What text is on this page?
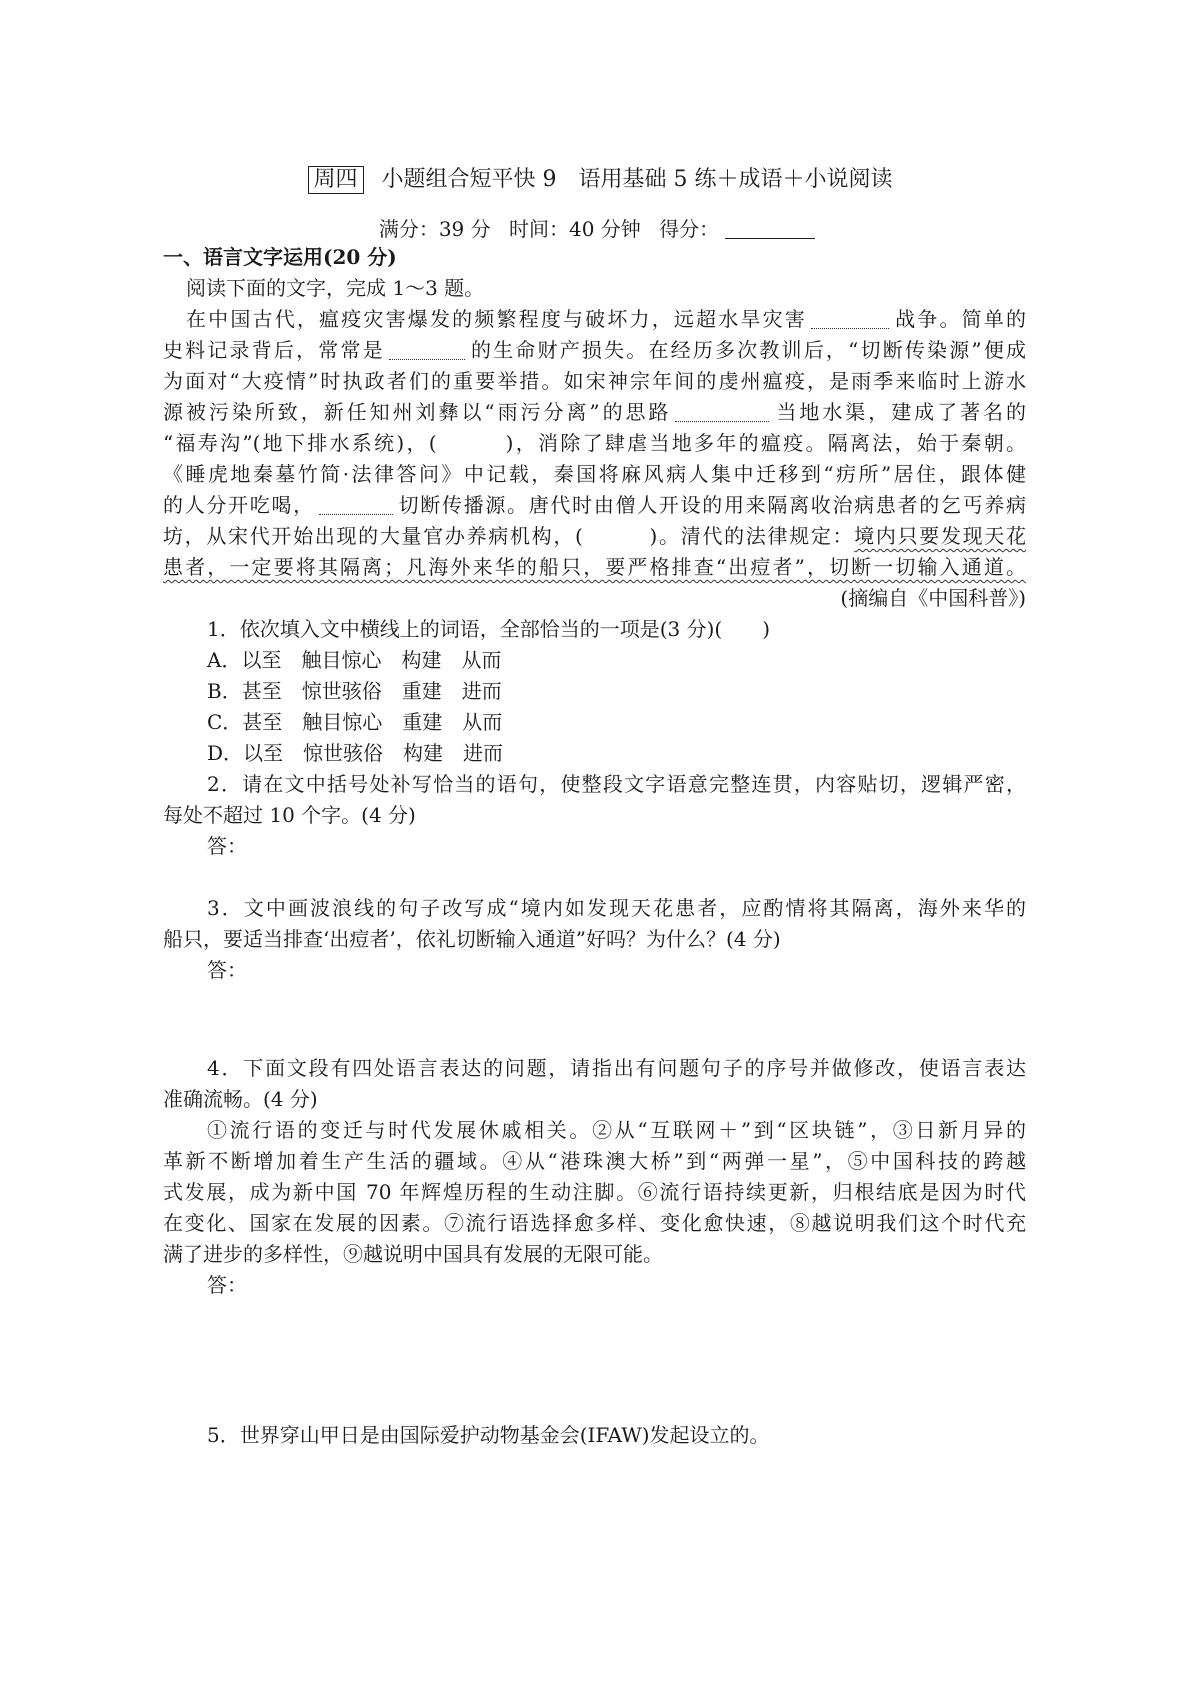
周四 小题组合短平快 9　语用基础 5 练＋成语＋小说阅读
满分：39 分 时间：40 分钟 得分：
一、语言文字运用(20 分)
阅读下面的文字，完成 1～3 题。
在中国古代，瘟疫灾害爆发的频繁程度与破坏力，远超水旱灾害	战争。简单的
史料记录背后，常常是	的生命财产损失。在经历多次教训后，“切断传染源”便成
为面对“大疫情”时执政者们的重要举措。如宋神宗年间的虔州瘟疫，是雨季来临时上游水
源被污染所致，新任知州刘彝以“雨污分离”的思路	当地水渠，建成了著名的
“福寿沟”(地下排水系统)，(　　　)，消除了肆虐当地多年的瘟疫。隔离法，始于秦朝。
《睡虎地秦墓竹简·法律答问》中记载，秦国将麻风病人集中迁移到“疠所”居住，跟体健
的人分开吃喝，	切断传播源。唐代时由僧人开设的用来隔离收治病患者的乞丐养病
坊，从宋代开始出现的大量官办养病机构，(　　　)。清代的法律规定：境内只要发现天花
患者，一定要将其隔离；凡海外来华的船只，要严格排查“出痘者”，切断一切输入通道。
(摘编自《中国科普》)
1．依次填入文中横线上的词语，全部恰当的一项是(3 分)(　　)
A．以至　触目惊心　构建　从而
B．甚至　惊世骇俗　重建　进而
C．甚至　触目惊心　重建　从而
D．以至　惊世骇俗　构建　进而
2．请在文中括号处补写恰当的语句，使整段文字语意完整连贯，内容贴切，逻辑严密，
每处不超过 10 个字。(4 分)
答：
3．文中画波浪线的句子改写成“境内如发现天花患者，应酌情将其隔离，海外来华的
船只，要适当排查‘出痘者’，依礼切断输入通道”好吗？为什么？(4 分)
答：
4．下面文段有四处语言表达的问题，请指出有问题句子的序号并做修改，使语言表达
准确流畅。(4 分)
①流行语的变迁与时代发展休戚相关。②从“互联网＋”到“区块链”，③日新月异的
革新不断增加着生产生活的疆域。④从“港珠澳大桥”到“两弹一星”，⑤中国科技的跨越
式发展，成为新中国 70 年辉煌历程的生动注脚。⑥流行语持续更新，归根结底是因为时代
在变化、国家在发展的因素。⑦流行语选择愈多样、变化愈快速，⑧越说明我们这个时代充
满了进步的多样性，⑨越说明中国具有发展的无限可能。
答：
5．世界穿山甲日是由国际爱护动物基金会(IFAW)发起设立的。
